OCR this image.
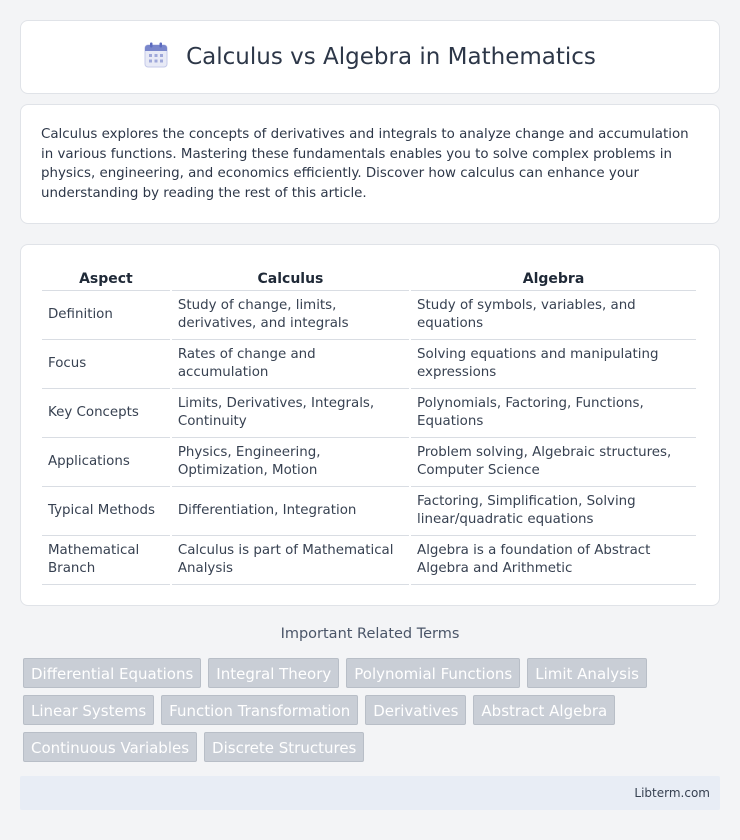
Calculus vs Algebra in Mathematics

Calculus explores the concepts of derivatives and integrals to analyze change and accumulation in various functions. Mastering these fundamentals enables you to solve complex problems in physics, engineering, and economics efficiently. Discover how calculus can enhance your understanding by reading the rest of this article.

Aspect	Calculus	Algebra
Definition	Study of change, limits, derivatives, and integrals	Study of symbols, variables, and equations
Focus	Rates of change and accumulation	Solving equations and manipulating expressions
Key Concepts	Limits, Derivatives, Integrals, Continuity	Polynomials, Factoring, Functions, Equations
Applications	Physics, Engineering, Optimization, Motion	Problem solving, Algebraic structures, Computer Science
Typical Methods	Differentiation, Integration	Factoring, Simplification, Solving linear/quadratic equations
Mathematical Branch	Calculus is part of Mathematical Analysis	Algebra is a foundation of Abstract Algebra and Arithmetic
Important Related Terms
Differential Equations	Integral Theory	Polynomial Functions	Limit Analysis
Linear Systems	Function Transformation	Derivatives	Abstract Algebra
Continuous Variables	Discrete Structures
Libterm.com
